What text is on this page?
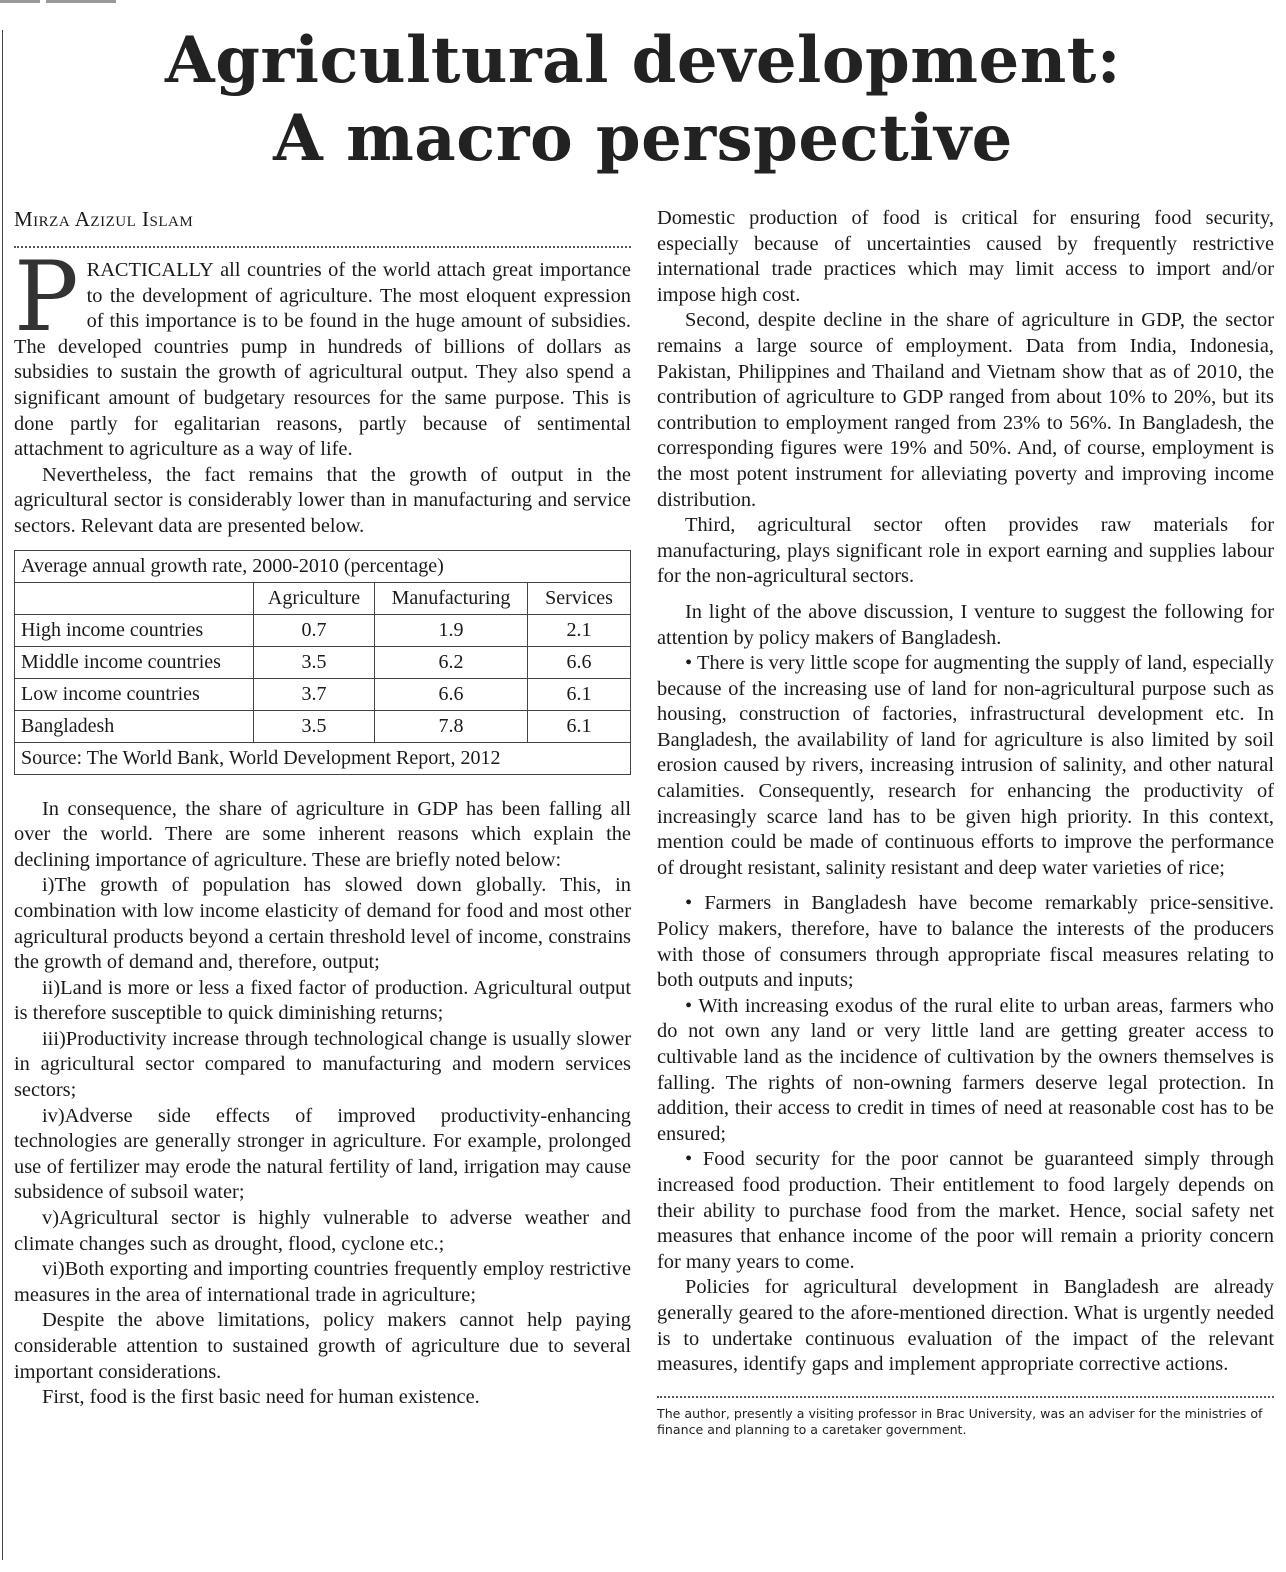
Agricultural development:
A macro perspective
Mirza Azizul Islam

PRACTICALLY all countries of the world attach great importance to the development of agriculture. The most eloquent expression of this importance is to be found in the huge amount of subsidies. The developed countries pump in hundreds of billions of dollars as subsidies to sustain the growth of agricultural output. They also spend a significant amount of budgetary resources for the same purpose. This is done partly for egalitarian reasons, partly because of sentimental attachment to agriculture as a way of life.

Nevertheless, the fact remains that the growth of output in the agricultural sector is considerably lower than in manufacturing and service sectors. Relevant data are presented below.

Average annual growth rate, 2000-2010 (percentage)			
	Agriculture	Manufacturing	Services
High income countries	0.7	1.9	2.1
Middle income countries	3.5	6.2	6.6
Low income countries	3.7	6.6	6.1
Bangladesh	3.5	7.8	6.1
Source: The World Bank, World Development Report, 2012			

In consequence, the share of agriculture in GDP has been falling all over the world. There are some inherent reasons which explain the declining importance of agriculture. These are briefly noted below:

i)The growth of population has slowed down globally. This, in combination with low income elasticity of demand for food and most other agricultural products beyond a certain threshold level of income, constrains the growth of demand and, therefore, output;

ii)Land is more or less a fixed factor of production. Agricultural output is therefore susceptible to quick diminishing returns;

iii)Productivity increase through technological change is usually slower in agricultural sector compared to manufacturing and modern services sectors;

iv)Adverse side effects of improved productivity-enhancing technologies are generally stronger in agriculture. For example, prolonged use of fertilizer may erode the natural fertility of land, irrigation may cause subsidence of subsoil water;

v)Agricultural sector is highly vulnerable to adverse weather and climate changes such as drought, flood, cyclone etc.;

vi)Both exporting and importing countries frequently employ restrictive measures in the area of international trade in agriculture;

Despite the above limitations, policy makers cannot help paying considerable attention to sustained growth of agriculture due to several important considerations.

First, food is the first basic need for human existence.

Domestic production of food is critical for ensuring food security, especially because of uncertainties caused by frequently restrictive international trade practices which may limit access to import and/or impose high cost.

Second, despite decline in the share of agriculture in GDP, the sector remains a large source of employment. Data from India, Indonesia, Pakistan, Philippines and Thailand and Vietnam show that as of 2010, the contribution of agriculture to GDP ranged from about 10% to 20%, but its contribution to employment ranged from 23% to 56%. In Bangladesh, the corresponding figures were 19% and 50%. And, of course, employment is the most potent instrument for alleviating poverty and improving income distribution.

Third, agricultural sector often provides raw materials for manufacturing, plays significant role in export earning and supplies labour for the non-agricultural sectors.

In light of the above discussion, I venture to suggest the following for attention by policy makers of Bangladesh.

• There is very little scope for augmenting the supply of land, especially because of the increasing use of land for non-agricultural purpose such as housing, construction of factories, infrastructural development etc. In Bangladesh, the availability of land for agriculture is also limited by soil erosion caused by rivers, increasing intrusion of salinity, and other natural calamities. Consequently, research for enhancing the productivity of increasingly scarce land has to be given high priority. In this context, mention could be made of continuous efforts to improve the performance of drought resistant, salinity resistant and deep water varieties of rice;

• Farmers in Bangladesh have become remarkably price-sensitive. Policy makers, therefore, have to balance the interests of the producers with those of consumers through appropriate fiscal measures relating to both outputs and inputs;

• With increasing exodus of the rural elite to urban areas, farmers who do not own any land or very little land are getting greater access to cultivable land as the incidence of cultivation by the owners themselves is falling. The rights of non-owning farmers deserve legal protection. In addition, their access to credit in times of need at reasonable cost has to be ensured;

• Food security for the poor cannot be guaranteed simply through increased food production. Their entitlement to food largely depends on their ability to purchase food from the market. Hence, social safety net measures that enhance income of the poor will remain a priority concern for many years to come.

Policies for agricultural development in Bangladesh are already generally geared to the afore-mentioned direction. What is urgently needed is to undertake continuous evaluation of the impact of the relevant measures, identify gaps and implement appropriate corrective actions.

The author, presently a visiting professor in Brac University, was an adviser for the ministries of finance and planning to a caretaker government.
